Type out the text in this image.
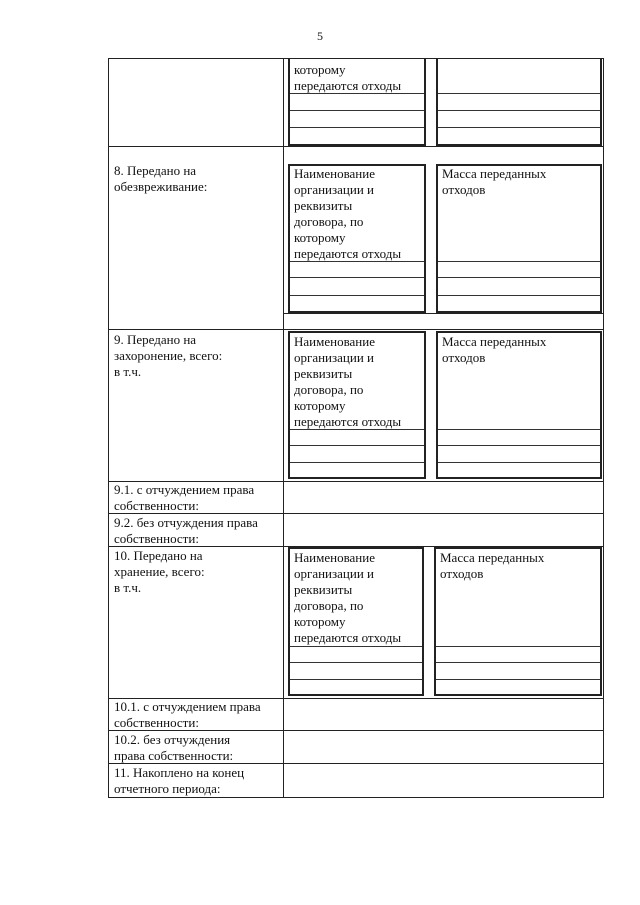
5
которому
передаются отходы
8. Передано на
обезвреживание:
Наименование
организации и
реквизиты
договора, по
которому
передаются отходы
Масса переданных
отходов
9. Передано на
захоронение, всего:
в т.ч.
Наименование
организации и
реквизиты
договора, по
которому
передаются отходы
Масса переданных
отходов
9.1. с отчуждением права
собственности:
9.2. без отчуждения права
собственности:
10. Передано на
хранение, всего:
в т.ч.
Наименование
организации и
реквизиты
договора, по
которому
передаются отходы
Масса переданных
отходов
10.1. с отчуждением права
собственности:
10.2. без отчуждения
права собственности:
11. Накоплено на конец
отчетного периода:
